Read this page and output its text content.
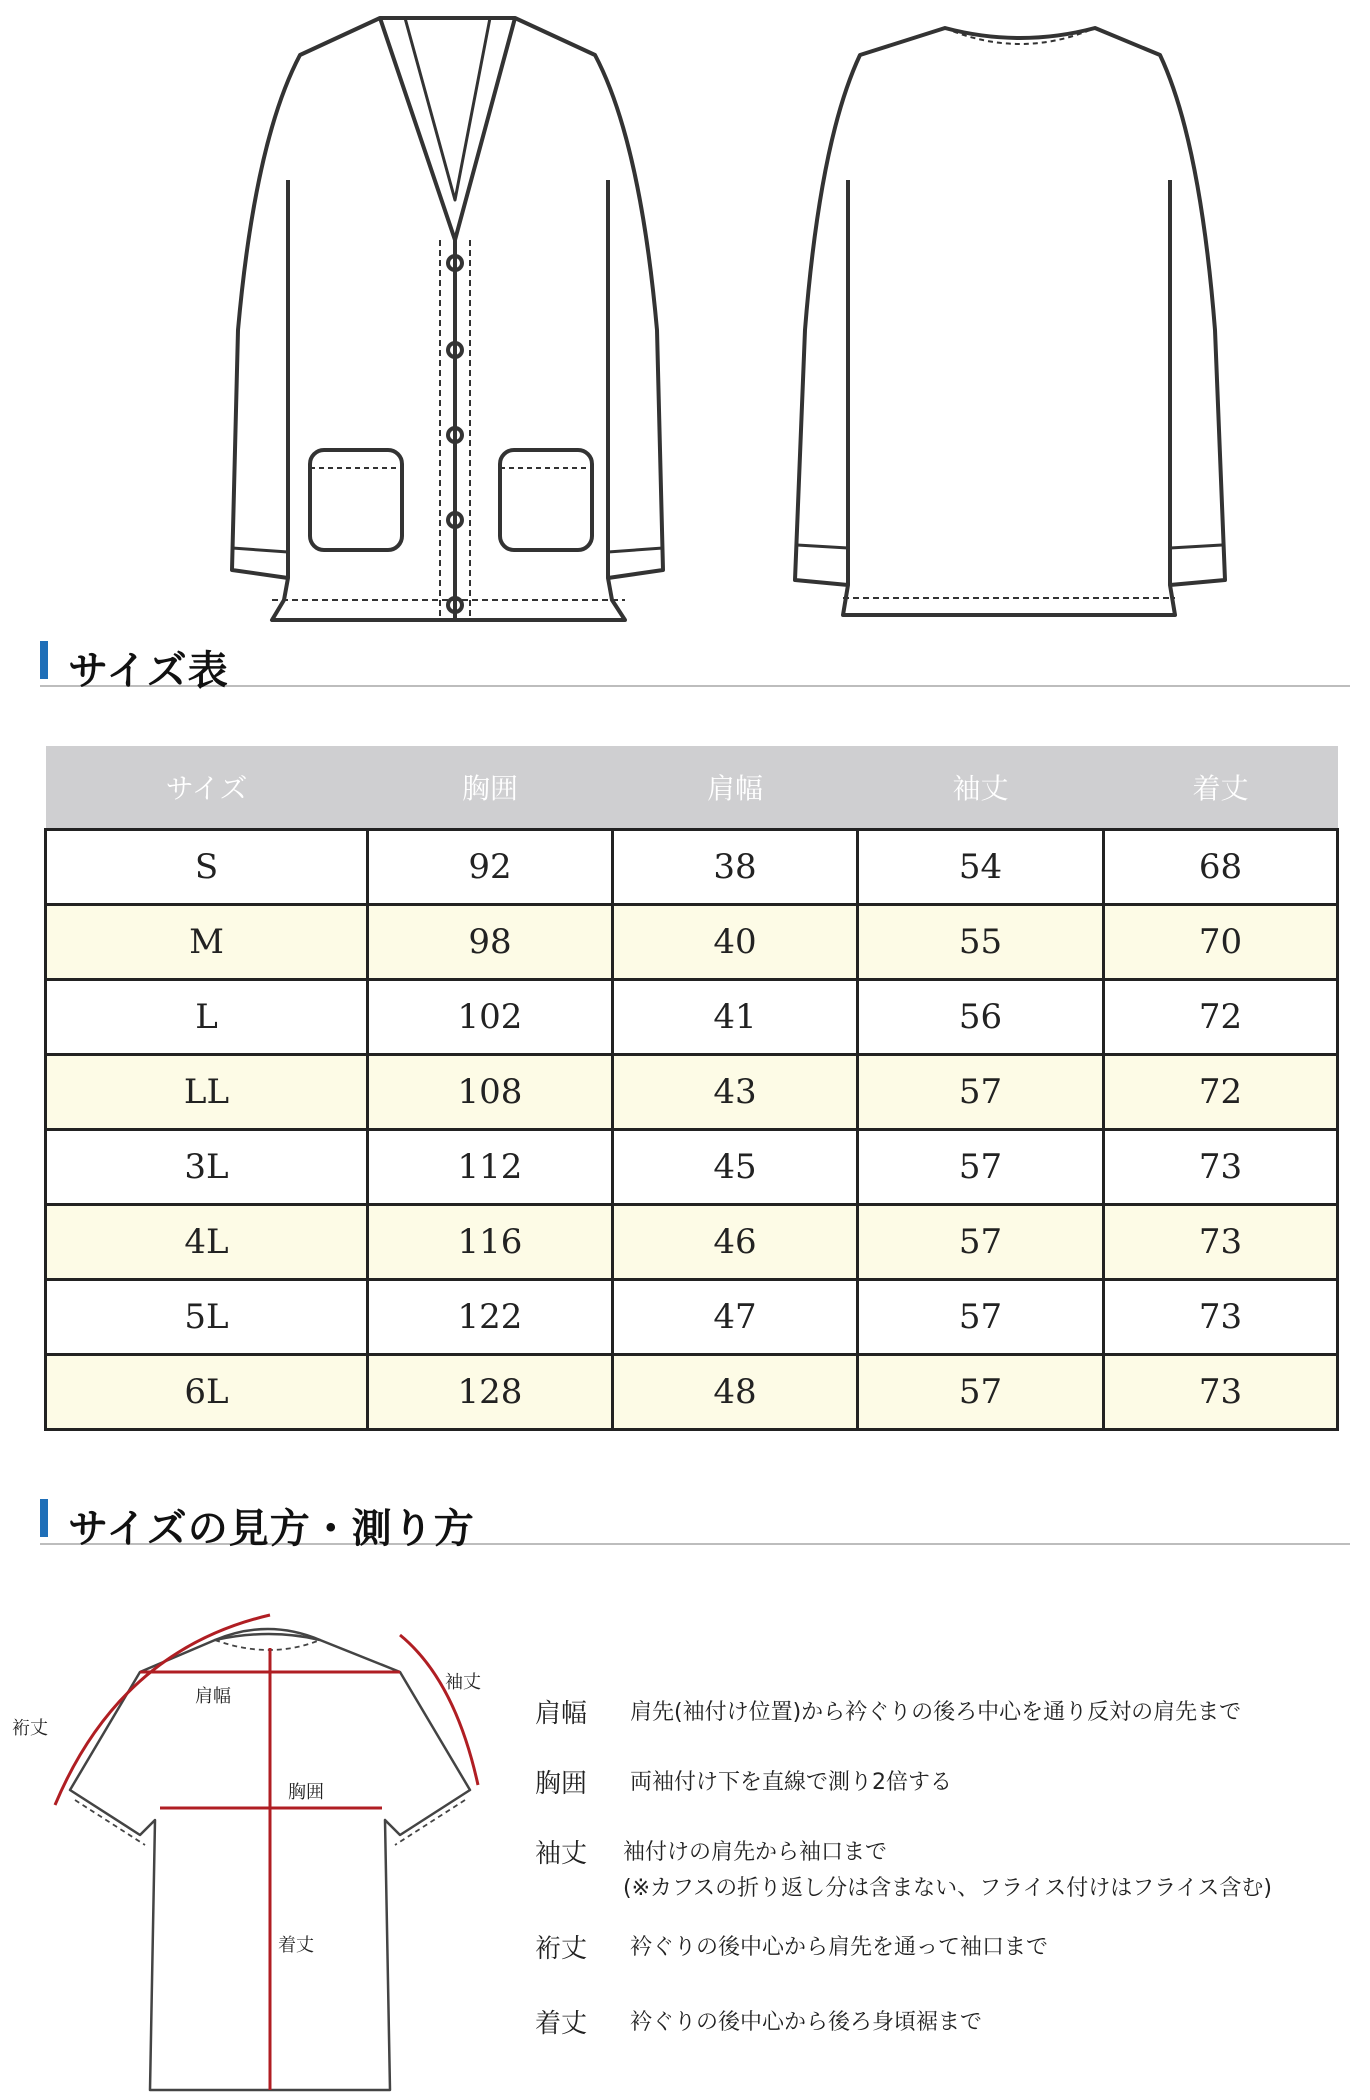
サイズ表
サイズ	胸囲	肩幅	袖丈	着丈
S	92	38	54	68
M	98	40	55	70
L	102	41	56	72
LL	108	43	57	72
3L	112	45	57	73
4L	116	46	57	73
5L	122	47	57	73
6L	128	48	57	73
サイズの見方・測り方
肩幅
袖丈
裄丈
胸囲
着丈
肩幅 肩先(袖付け位置)から衿ぐりの後ろ中心を通り反対の肩先まで
胸囲 両袖付け下を直線で測り2倍する
袖丈 袖付けの肩先から袖口まで
(※カフスの折り返し分は含まない、フライス付けはフライス含む)
裄丈 衿ぐりの後中心から肩先を通って袖口まで
着丈 衿ぐりの後中心から後ろ身頃裾まで
